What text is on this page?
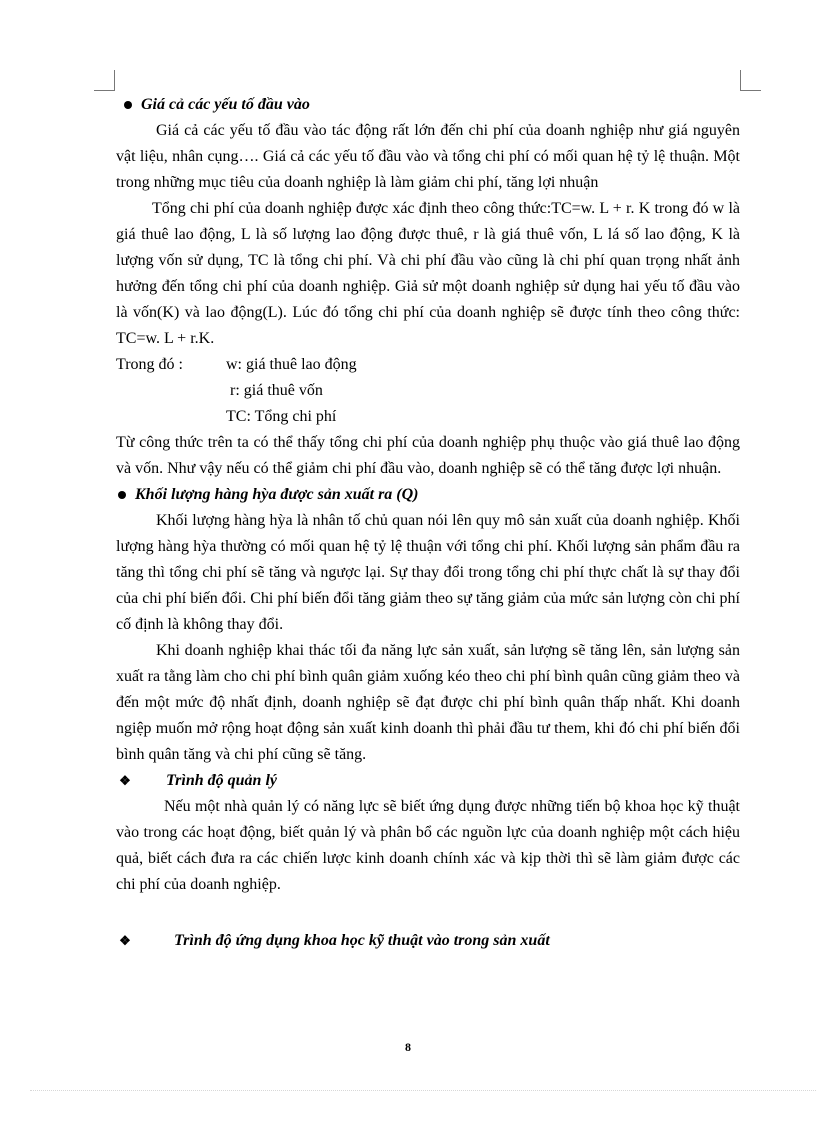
Giá cả các yếu tố đầu vào

Giá cả các yếu tố đầu vào tác động rất lớn đến chi phí của doanh nghiệp như giá nguyên vật liệu, nhân cụng…. Giá cả các yếu tố đầu vào và tổng chi phí có mối quan hệ tỷ lệ thuận. Một trong những mục tiêu của doanh nghiệp là làm giảm chi phí, tăng lợi nhuận

Tổng chi phí của doanh nghiệp được xác định theo công thức:TC=w. L + r. K trong đó w là giá thuê lao động, L là số lượng lao động được thuê, r là giá thuê vốn, L lá số lao động, K là lượng vốn sử dụng, TC là tổng chi phí. Và chi phí đầu vào cũng là chi phí quan trọng nhất ảnh hưởng đến tổng chi phí của doanh nghiệp. Giả sử một doanh nghiệp sử dụng hai yếu tố đầu vào là vốn(K) và lao động(L). Lúc đó tổng chi phí của doanh nghiệp sẽ được tính theo công thức: TC=w. L + r.K.

Trong đó :	w: giá thuê lao động

r: giá thuê vốn

TC: Tổng chi phí

Từ công thức trên ta có thể thấy tổng chi phí của doanh nghiệp phụ thuộc vào giá thuê lao động và vốn. Như vậy nếu có thể giảm chi phí đầu vào, doanh nghiệp sẽ có thể tăng được lợi nhuận.

Khối lượng hàng hỳa được sản xuất ra (Q)

Khối lượng hàng hỳa là nhân tố chủ quan nói lên quy mô sản xuất của doanh nghiệp. Khối lượng hàng hỳa thường có mối quan hệ tỷ lệ thuận với tổng chi phí. Khối lượng sản phẩm đầu ra tăng thì tổng chi phí sẽ tăng và ngược lại. Sự thay đổi trong tổng chi phí thực chất là sự thay đổi của chi phí biến đổi. Chi phí biến đổi tăng giảm theo sự tăng giảm của mức sản lượng còn chi phí cố định là không thay đổi.

Khi doanh nghiệp khai thác tối đa năng lực sản xuất, sản lượng sẽ tăng lên, sản lượng sản xuất ra tằng làm cho chi phí bình quân giảm xuống kéo theo chi phí bình quân cũng giảm theo và đến một mức độ nhất định, doanh nghiệp sẽ đạt được chi phí bình quân thấp nhất. Khi doanh ngiệp muốn mở rộng hoạt động sản xuất kinh doanh thì phải đầu tư them, khi đó chi phí biến đổi bình quân tăng và chi phí cũng sẽ tăng.

❖ Trình độ quản lý

Nếu một nhà quản lý có năng lực sẽ biết ứng dụng được những tiến bộ khoa học kỹ thuật vào trong các hoạt động, biết quản lý và phân bổ các nguồn lực của doanh nghiệp một cách hiệu quả, biết cách đưa ra các chiến lược kinh doanh chính xác và kịp thời thì sẽ làm giảm được các chi phí của doanh nghiệp.

❖	Trình độ ứng dụng khoa học kỹ thuật vào trong sản xuất

8
